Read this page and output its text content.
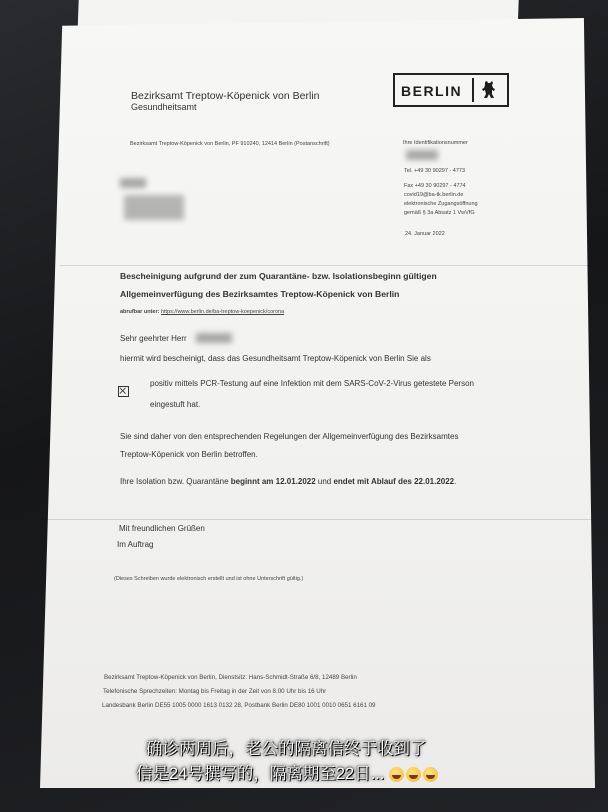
Bezirksamt Treptow-Köpenick von Berlin
Gesundheitsamt
BERLIN
Bezirksamt Treptow-Köpenick von Berlin, PF 910240, 12414 Berlin (Postanschrift)	Ihre Identifikationsnummer
Tel. +49 30 90297 - 4773
Fax +49 30 90297 - 4774
covid19@ba-tk.berlin.de
elektronische Zugangsöffnung
gemäß § 3a Absatz 1 VwVfG
24. Januar 2022
Bescheinigung aufgrund der zum Quarantäne- bzw. Isolationsbeginn gültigen
Allgemeinverfügung des Bezirksamtes Treptow-Köpenick von Berlin
abrufbar unter: https://www.berlin.de/ba-treptow-koepenick/corona
Sehr geehrter Herr
hiermit wird bescheinigt, dass das Gesundheitsamt Treptow-Köpenick von Berlin Sie als
positiv mittels PCR-Testung auf eine Infektion mit dem SARS-CoV-2-Virus getestete Person
eingestuft hat.
Sie sind daher von den entsprechenden Regelungen der Allgemeinverfügung des Bezirksamtes
Treptow-Köpenick von Berlin betroffen.
Ihre Isolation bzw. Quarantäne beginnt am 12.01.2022 und endet mit Ablauf des 22.01.2022.
Mit freundlichen Grüßen
Im Auftrag
(Dieses Schreiben wurde elektronisch erstellt und ist ohne Unterschrift gültig.)
Bezirksamt Treptow-Köpenick von Berlin, Dienstsitz: Hans-Schmidt-Straße 6/8, 12489 Berlin
Telefonische Sprechzeiten: Montag bis Freitag in der Zeit von 8.00 Uhr bis 16 Uhr
Landesbank Berlin DE55 1005 0000 1613 0132 28, Postbank Berlin DE80 1001 0010 0651 6161 09
确诊两周后，老公的隔离信终于收到了
信是24号撰写的，隔离期至22日...
